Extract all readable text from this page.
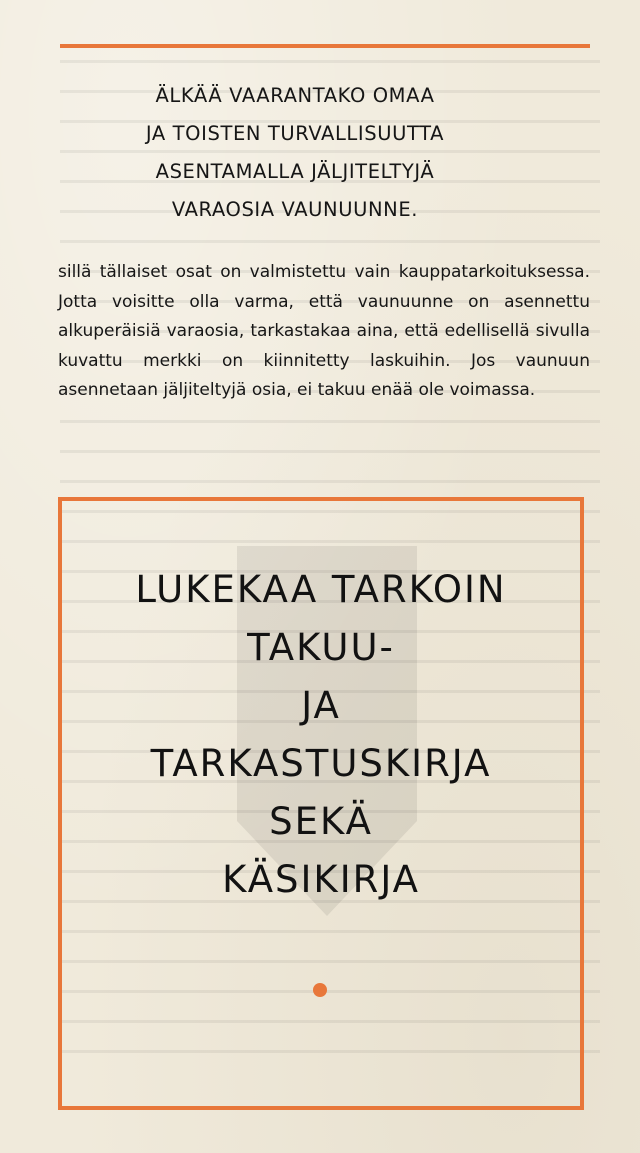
ÄLKÄÄ VAARANTAKO OMAA
JA TOISTEN TURVALLISUUTTA
ASENTAMALLA JÄLJITELTYJÄ
VARAOSIA VAUNUUNNE.
sillä tällaiset osat on valmistettu vain kauppatarkoituksessa. Jotta voisitte olla varma, että vaunuunne on asennettu alkuperäisiä varaosia, tarkastakaa aina, että edellisellä sivulla kuvattu merkki on kiinnitetty laskuihin. Jos vaunuun asennetaan jäljiteltyjä osia, ei takuu enää ole voimassa.
LUKEKAA TARKOIN
TAKUU-
JA
TARKASTUSKIRJA
SEKÄ
KÄSIKIRJA
